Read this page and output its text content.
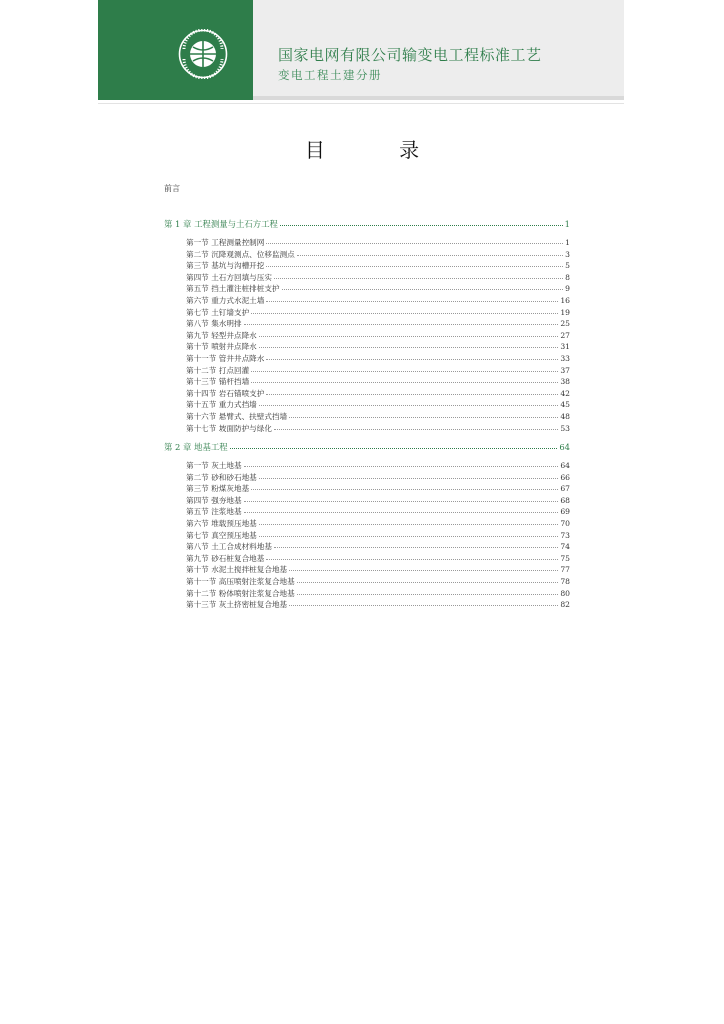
国家电网有限公司输变电工程标准工艺
变电工程土建分册
目 录
前言
第 1 章 工程测量与土石方工程	1
第一节 工程测量控制网	1
第二节 沉降观测点、位移监测点	3
第三节 基坑与沟槽开挖	5
第四节 土石方回填与压实	8
第五节 挡土灌注桩排桩支护	9
第六节 重力式水泥土墙	16
第七节 土钉墙支护	19
第八节 集水明排	25
第九节 轻型井点降水	27
第十节 喷射井点降水	31
第十一节 管井井点降水	33
第十二节 打点回灌	37
第十三节 锚杆挡墙	38
第十四节 岩石锚喷支护	42
第十五节 重力式挡墙	45
第十六节 悬臂式、扶壁式挡墙	48
第十七节 坡面防护与绿化	53
第 2 章 地基工程	64
第一节 灰土地基	64
第二节 砂和砂石地基	66
第三节 粉煤灰地基	67
第四节 强夯地基	68
第五节 注浆地基	69
第六节 堆载预压地基	70
第七节 真空预压地基	73
第八节 土工合成材料地基	74
第九节 砂石桩复合地基	75
第十节 水泥土搅拌桩复合地基	77
第十一节 高压喷射注浆复合地基	78
第十二节 粉体喷射注浆复合地基	80
第十三节 灰土挤密桩复合地基	82
